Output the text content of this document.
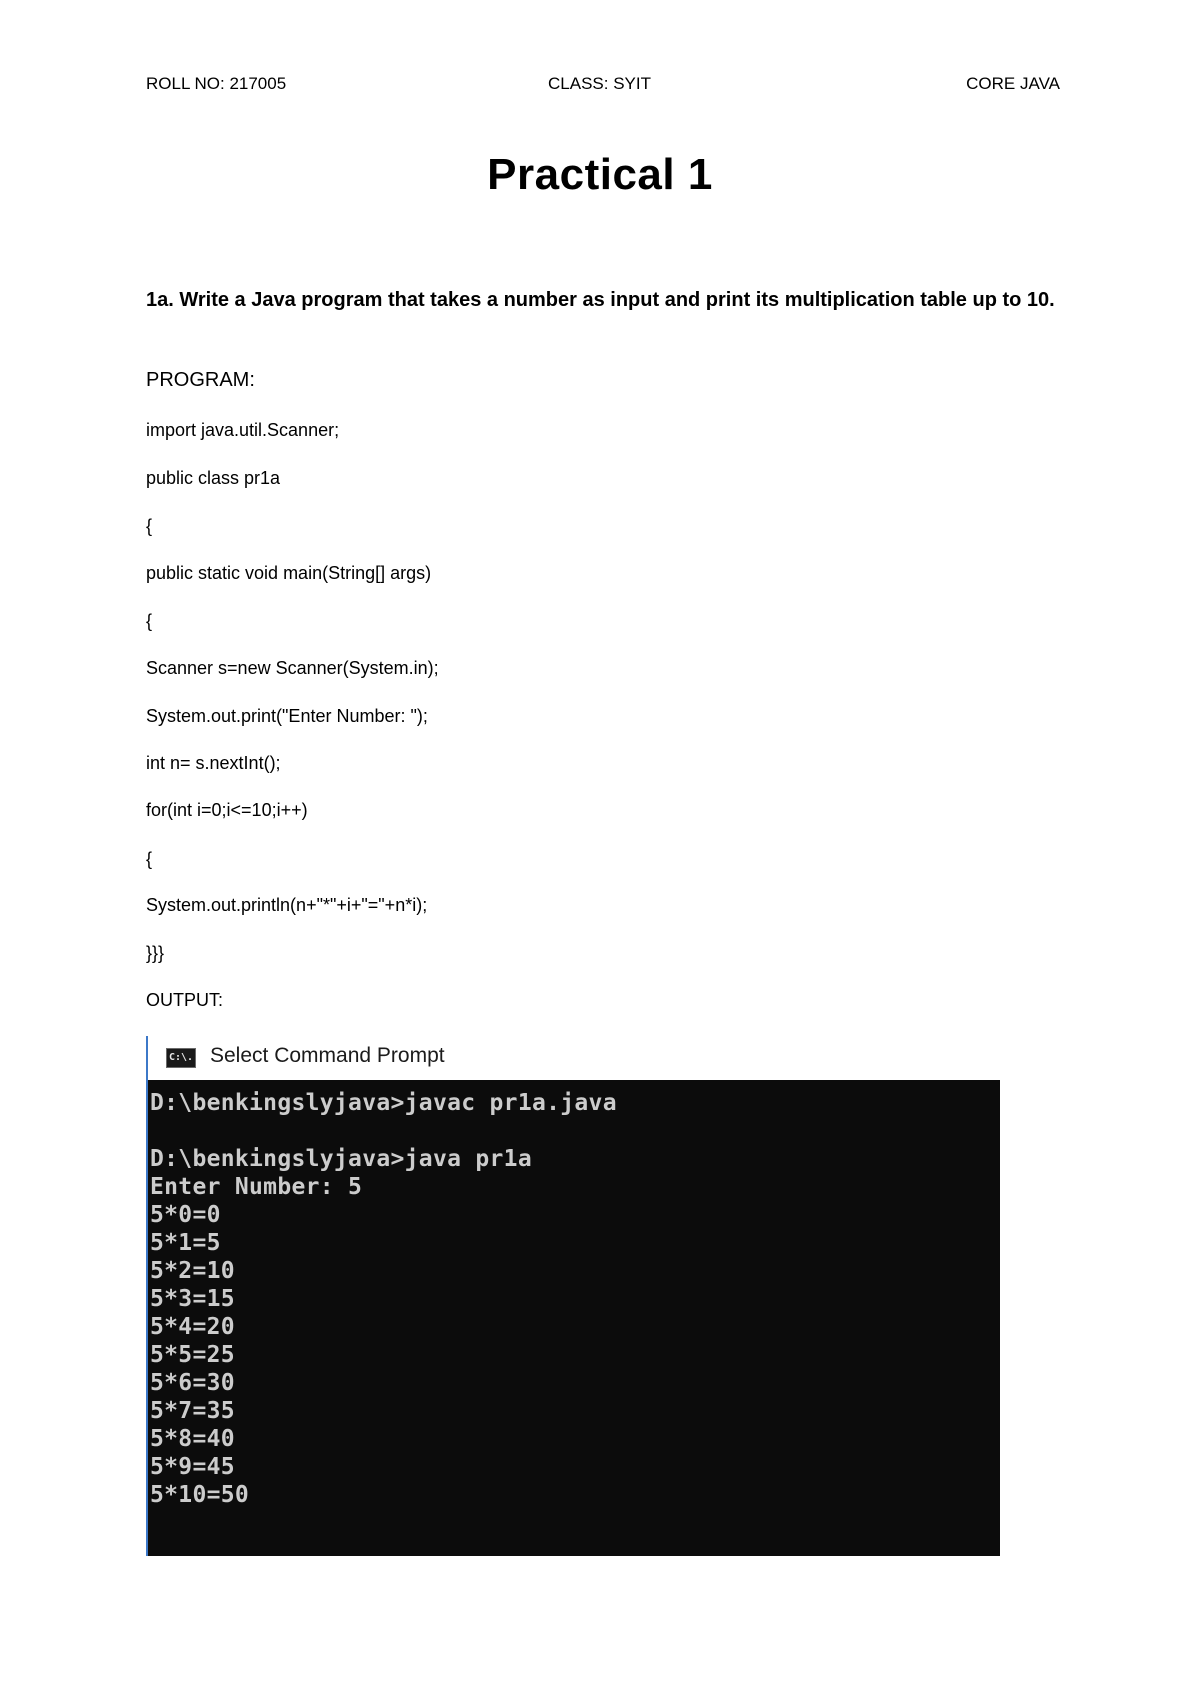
ROLL NO: 217005	CLASS: SYIT	CORE JAVA
Practical 1
1a. Write a Java program that takes a number as input and print its multiplication table up to 10.
PROGRAM:
import java.util.Scanner;
public class pr1a
{
public static void main(String[] args)
{
Scanner s=new Scanner(System.in);
System.out.print("Enter Number: ");
int n= s.nextInt();
for(int i=0;i<=10;i++)
{
System.out.println(n+"*"+i+"="+n*i);
}}}
OUTPUT:
C:\. Select Command Prompt
D:\benkingslyjava>javac pr1a.java
D:\benkingslyjava>java pr1a
Enter Number: 5
5*0=0
5*1=5
5*2=10
5*3=15
5*4=20
5*5=25
5*6=30
5*7=35
5*8=40
5*9=45
5*10=50
